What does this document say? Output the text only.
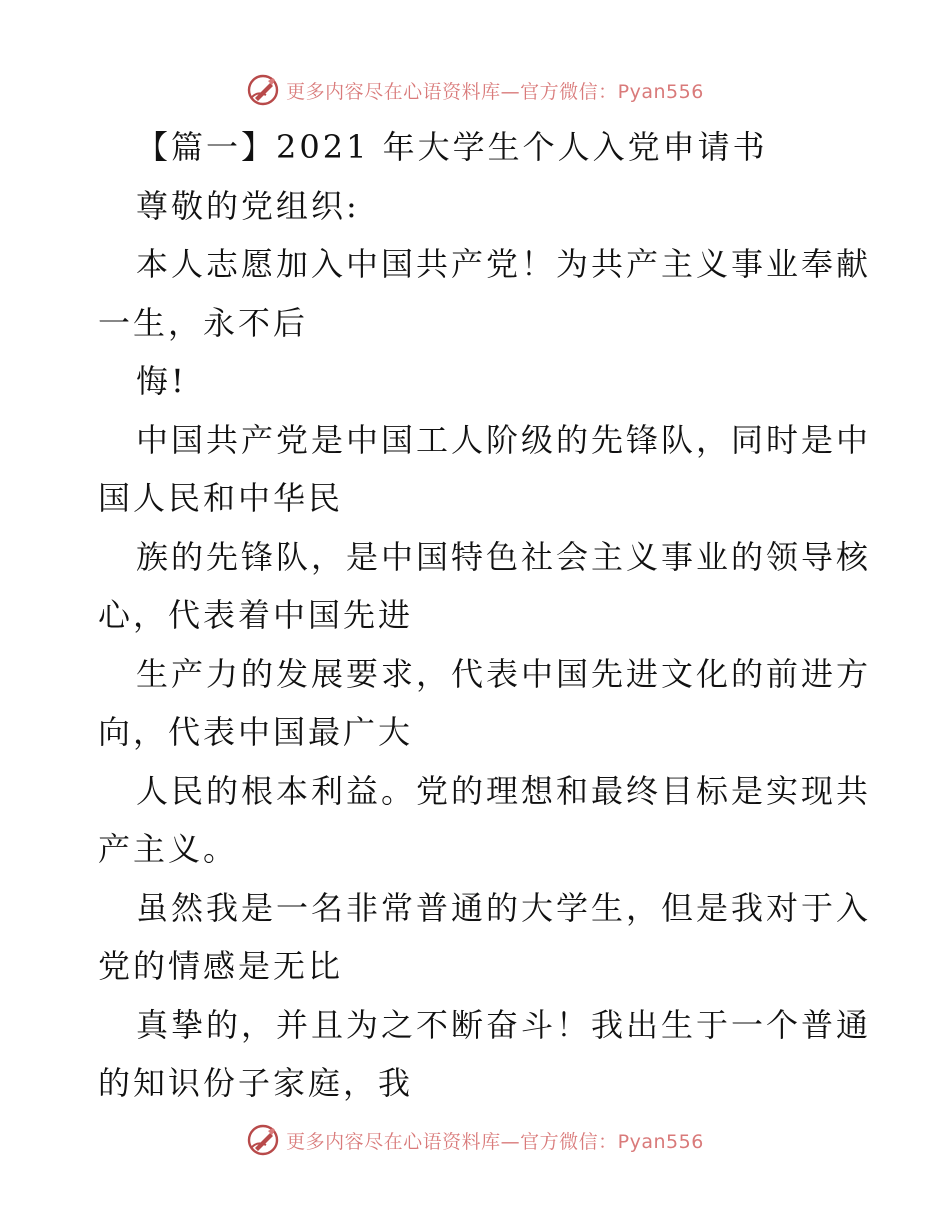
更多内容尽在心语资料库—官方微信：Pyan556
【篇一】2021 年大学生个人入党申请书
尊敬的党组织:
本人志愿加入中国共产党！为共产主义事业奉献
一生，永不后
悔!
中国共产党是中国工人阶级的先锋队，同时是中
国人民和中华民
族的先锋队，是中国特色社会主义事业的领导核
心，代表着中国先进
生产力的发展要求，代表中国先进文化的前进方
向，代表中国最广大
人民的根本利益。党的理想和最终目标是实现共
产主义。
虽然我是一名非常普通的大学生，但是我对于入
党的情感是无比
真挚的，并且为之不断奋斗！我出生于一个普通
的知识份子家庭，我
更多内容尽在心语资料库—官方微信：Pyan556
